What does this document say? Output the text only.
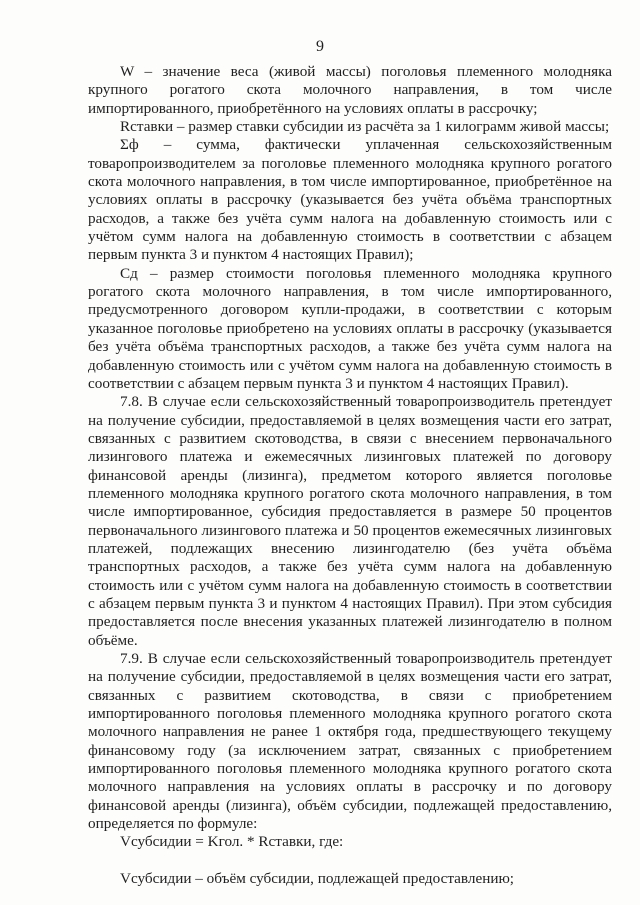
9

W – значение веса (живой массы) поголовья племенного молодняка крупного рогатого скота молочного направления, в том числе импортированного, приобретённого на условиях оплаты в рассрочку;

Rставки – размер ставки субсидии из расчёта за 1 килограмм живой массы;

Σф – сумма, фактически уплаченная сельскохозяйственным товаропроизводителем за поголовье племенного молодняка крупного рогатого скота молочного направления, в том числе импортированное, приобретённое на условиях оплаты в рассрочку (указывается без учёта объёма транспортных расходов, а также без учёта сумм налога на добавленную стоимость или с учётом сумм налога на добавленную стоимость в соответствии с абзацем первым пункта 3 и пунктом 4 настоящих Правил);

Сд – размер стоимости поголовья племенного молодняка крупного рогатого скота молочного направления, в том числе импортированного, предусмотренного договором купли-продажи, в соответствии с которым указанное поголовье приобретено на условиях оплаты в рассрочку (указывается без учёта объёма транспортных расходов, а также без учёта сумм налога на добавленную стоимость или с учётом сумм налога на добавленную стоимость в соответствии с абзацем первым пункта 3 и пунктом 4 настоящих Правил).

7.8. В случае если сельскохозяйственный товаропроизводитель претендует на получение субсидии, предоставляемой в целях возмещения части его затрат, связанных с развитием скотоводства, в связи с внесением первоначального лизингового платежа и ежемесячных лизинговых платежей по договору финансовой аренды (лизинга), предметом которого является поголовье племенного молодняка крупного рогатого скота молочного направления, в том числе импортированное, субсидия предоставляется в размере 50 процентов первоначального лизингового платежа и 50 процентов ежемесячных лизинговых платежей, подлежащих внесению лизингодателю (без учёта объёма транспортных расходов, а также без учёта сумм налога на добавленную стоимость или с учётом сумм налога на добавленную стоимость в соответствии с абзацем первым пункта 3 и пунктом 4 настоящих Правил). При этом субсидия предоставляется после внесения указанных платежей лизингодателю в полном объёме.

7.9. В случае если сельскохозяйственный товаропроизводитель претендует на получение субсидии, предоставляемой в целях возмещения части его затрат, связанных с развитием скотоводства, в связи с приобретением импортированного поголовья племенного молодняка крупного рогатого скота молочного направления не ранее 1 октября года, предшествующего текущему финансовому году (за исключением затрат, связанных с приобретением импортированного поголовья племенного молодняка крупного рогатого скота молочного направления на условиях оплаты в рассрочку и по договору финансовой аренды (лизинга), объём субсидии, подлежащей предоставлению, определяется по формуле:

Vсубсидии = Kгол. * Rставки, где:

Vсубсидии – объём субсидии, подлежащей предоставлению;
